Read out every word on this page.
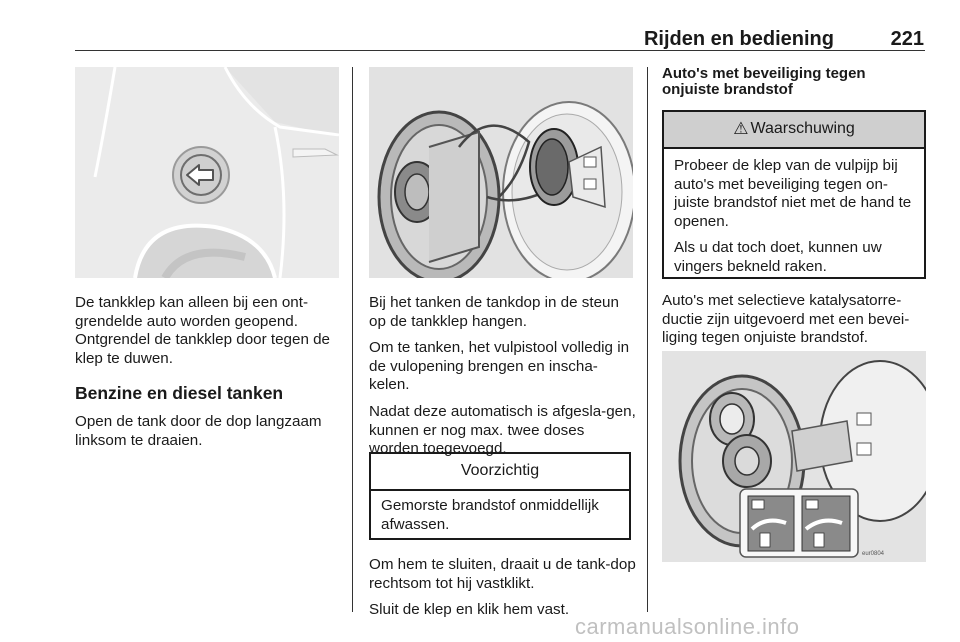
Rijden en bediening	221

De tankklep kan alleen bij een ont-grendelde auto worden geopend. Ontgrendel de tankklep door tegen de klep te duwen.

Benzine en diesel tanken

Open de tank door de dop langzaam linksom te draaien.

Bij het tanken de tankdop in de steun op de tankklep hangen.

Om te tanken, het vulpistool volledig in de vulopening brengen en inscha-kelen.

Nadat deze automatisch is afgesla-gen, kunnen er nog max. twee doses worden toegevoegd.

Voorzichtig
Gemorste brandstof onmiddellijk afwassen.

Om hem te sluiten, draait u de tank-dop rechtsom tot hij vastklikt.

Sluit de klep en klik hem vast.

Auto's met beveiliging tegen onjuiste brandstof
⚠ Waarschuwing

Probeer de klep van de vulpijp bij auto's met beveiliging tegen on-juiste brandstof niet met de hand te openen.

Als u dat toch doet, kunnen uw vingers bekneld raken.

Auto's met selectieve katalysatorre-ductie zijn uitgevoerd met een bevei-liging tegen onjuiste brandstof.

eur0804
carmanualsonline.info
